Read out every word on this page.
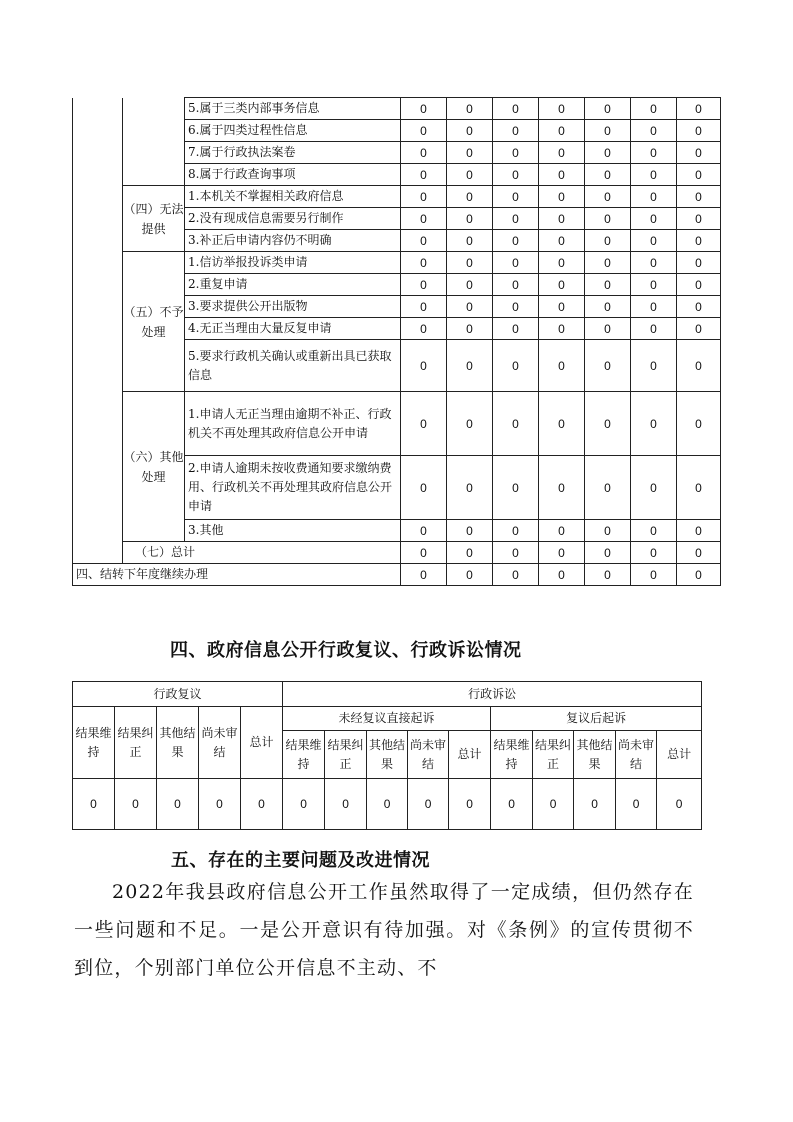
		5.属于三类内部事务信息	0	0	0	0	0	0	0
		6.属于四类过程性信息	0	0	0	0	0	0	0
		7.属于行政执法案卷	0	0	0	0	0	0	0
		8.属于行政查询事项	0	0	0	0	0	0	0
	（四）无法提供	1.本机关不掌握相关政府信息	0	0	0	0	0	0	0
		2.没有现成信息需要另行制作	0	0	0	0	0	0	0
		3.补正后申请内容仍不明确	0	0	0	0	0	0	0
	（五）不予处理	1.信访举报投诉类申请	0	0	0	0	0	0	0
		2.重复申请	0	0	0	0	0	0	0
		3.要求提供公开出版物	0	0	0	0	0	0	0
		4.无正当理由大量反复申请	0	0	0	0	0	0	0
		5.要求行政机关确认或重新出具已获取信息	0	0	0	0	0	0	0
	（六）其他处理	1.申请人无正当理由逾期不补正、行政机关不再处理其政府信息公开申请	0	0	0	0	0	0	0
		2.申请人逾期未按收费通知要求缴纳费用、行政机关不再处理其政府信息公开申请	0	0	0	0	0	0	0
		3.其他	0	0	0	0	0	0	0
	（七）总计		0	0	0	0	0	0	0
四、结转下年度继续办理			0	0	0	0	0	0	0
四、政府信息公开行政复议、行政诉讼情况
行政复议					行政诉讼									
结果维持	结果纠正	其他结果	尚未审结	总计	未经复议直接起诉					复议后起诉				
					结果维持	结果纠正	其他结果	尚未审结	总计	结果维持	结果纠正	其他结果	尚未审结	总计
0	0	0	0	0	0	0	0	0	0	0	0	0	0	0
五、存在的主要问题及改进情况
2022年我县政府信息公开工作虽然取得了一定成绩，但仍然存在一些问题和不足。一是公开意识有待加强。对《条例》的宣传贯彻不到位，个别部门单位公开信息不主动、不
